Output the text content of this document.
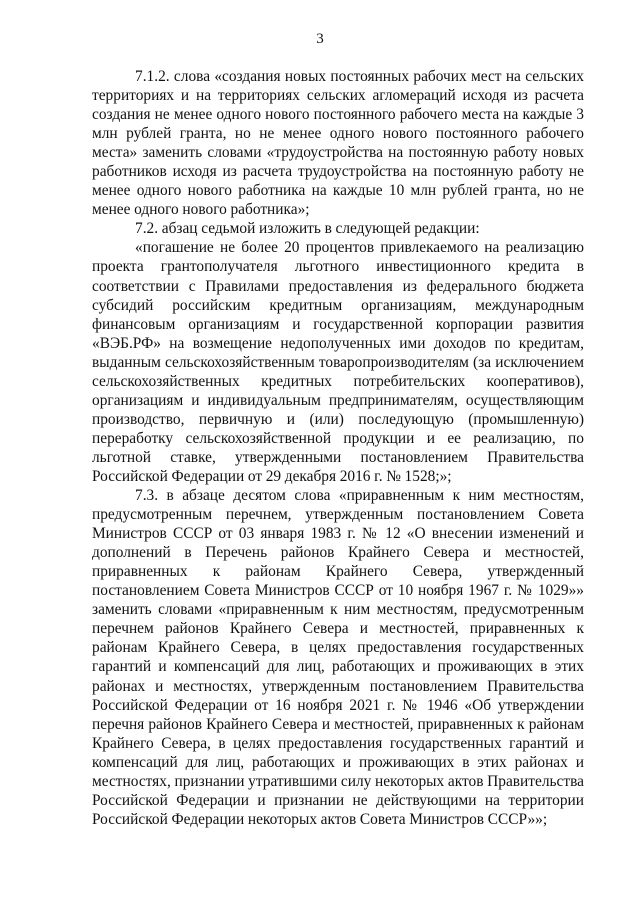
3

7.1.2. слова «создания новых постоянных рабочих мест на сельских территориях и на территориях сельских агломераций исходя из расчета создания не менее одного нового постоянного рабочего места на каждые 3 млн рублей гранта, но не менее одного нового постоянного рабочего места» заменить словами «трудоустройства на постоянную работу новых работников исходя из расчета трудоустройства на постоянную работу не менее одного нового работника на каждые 10 млн рублей гранта, но не менее одного нового работника»;

7.2. абзац седьмой изложить в следующей редакции:

«погашение не более 20 процентов привлекаемого на реализацию проекта грантополучателя льготного инвестиционного кредита в соответствии с Правилами предоставления из федерального бюджета субсидий российским кредитным организациям, международным финансовым организациям и государственной корпорации развития «ВЭБ.РФ» на возмещение недополученных ими доходов по кредитам, выданным сельскохозяйственным товаропроизводителям (за исключением сельскохозяйственных кредитных потребительских кооперативов), организациям и индивидуальным предпринимателям, осуществляющим производство, первичную и (или) последующую (промышленную) переработку сельскохозяйственной продукции и ее реализацию, по льготной ставке, утвержденными постановлением Правительства Российской Федерации от 29 декабря 2016 г. № 1528;»;

7.3. в абзаце десятом слова «приравненным к ним местностям, предусмотренным перечнем, утвержденным постановлением Совета Министров СССР от 03 января 1983 г. № 12 «О внесении изменений и дополнений в Перечень районов Крайнего Севера и местностей, приравненных к районам Крайнего Севера, утвержденный постановлением Совета Министров СССР от 10 ноября 1967 г. № 1029»» заменить словами «приравненным к ним местностям, предусмотренным перечнем районов Крайнего Севера и местностей, приравненных к районам Крайнего Севера, в целях предоставления государственных гарантий и компенсаций для лиц, работающих и проживающих в этих районах и местностях, утвержденным постановлением Правительства Российской Федерации от 16 ноября 2021 г. № 1946 «Об утверждении перечня районов Крайнего Севера и местностей, приравненных к районам Крайнего Севера, в целях предоставления государственных гарантий и компенсаций для лиц, работающих и проживающих в этих районах и местностях, признании утратившими силу некоторых актов Правительства Российской Федерации и признании не действующими на территории Российской Федерации некоторых актов Совета Министров СССР»»;
